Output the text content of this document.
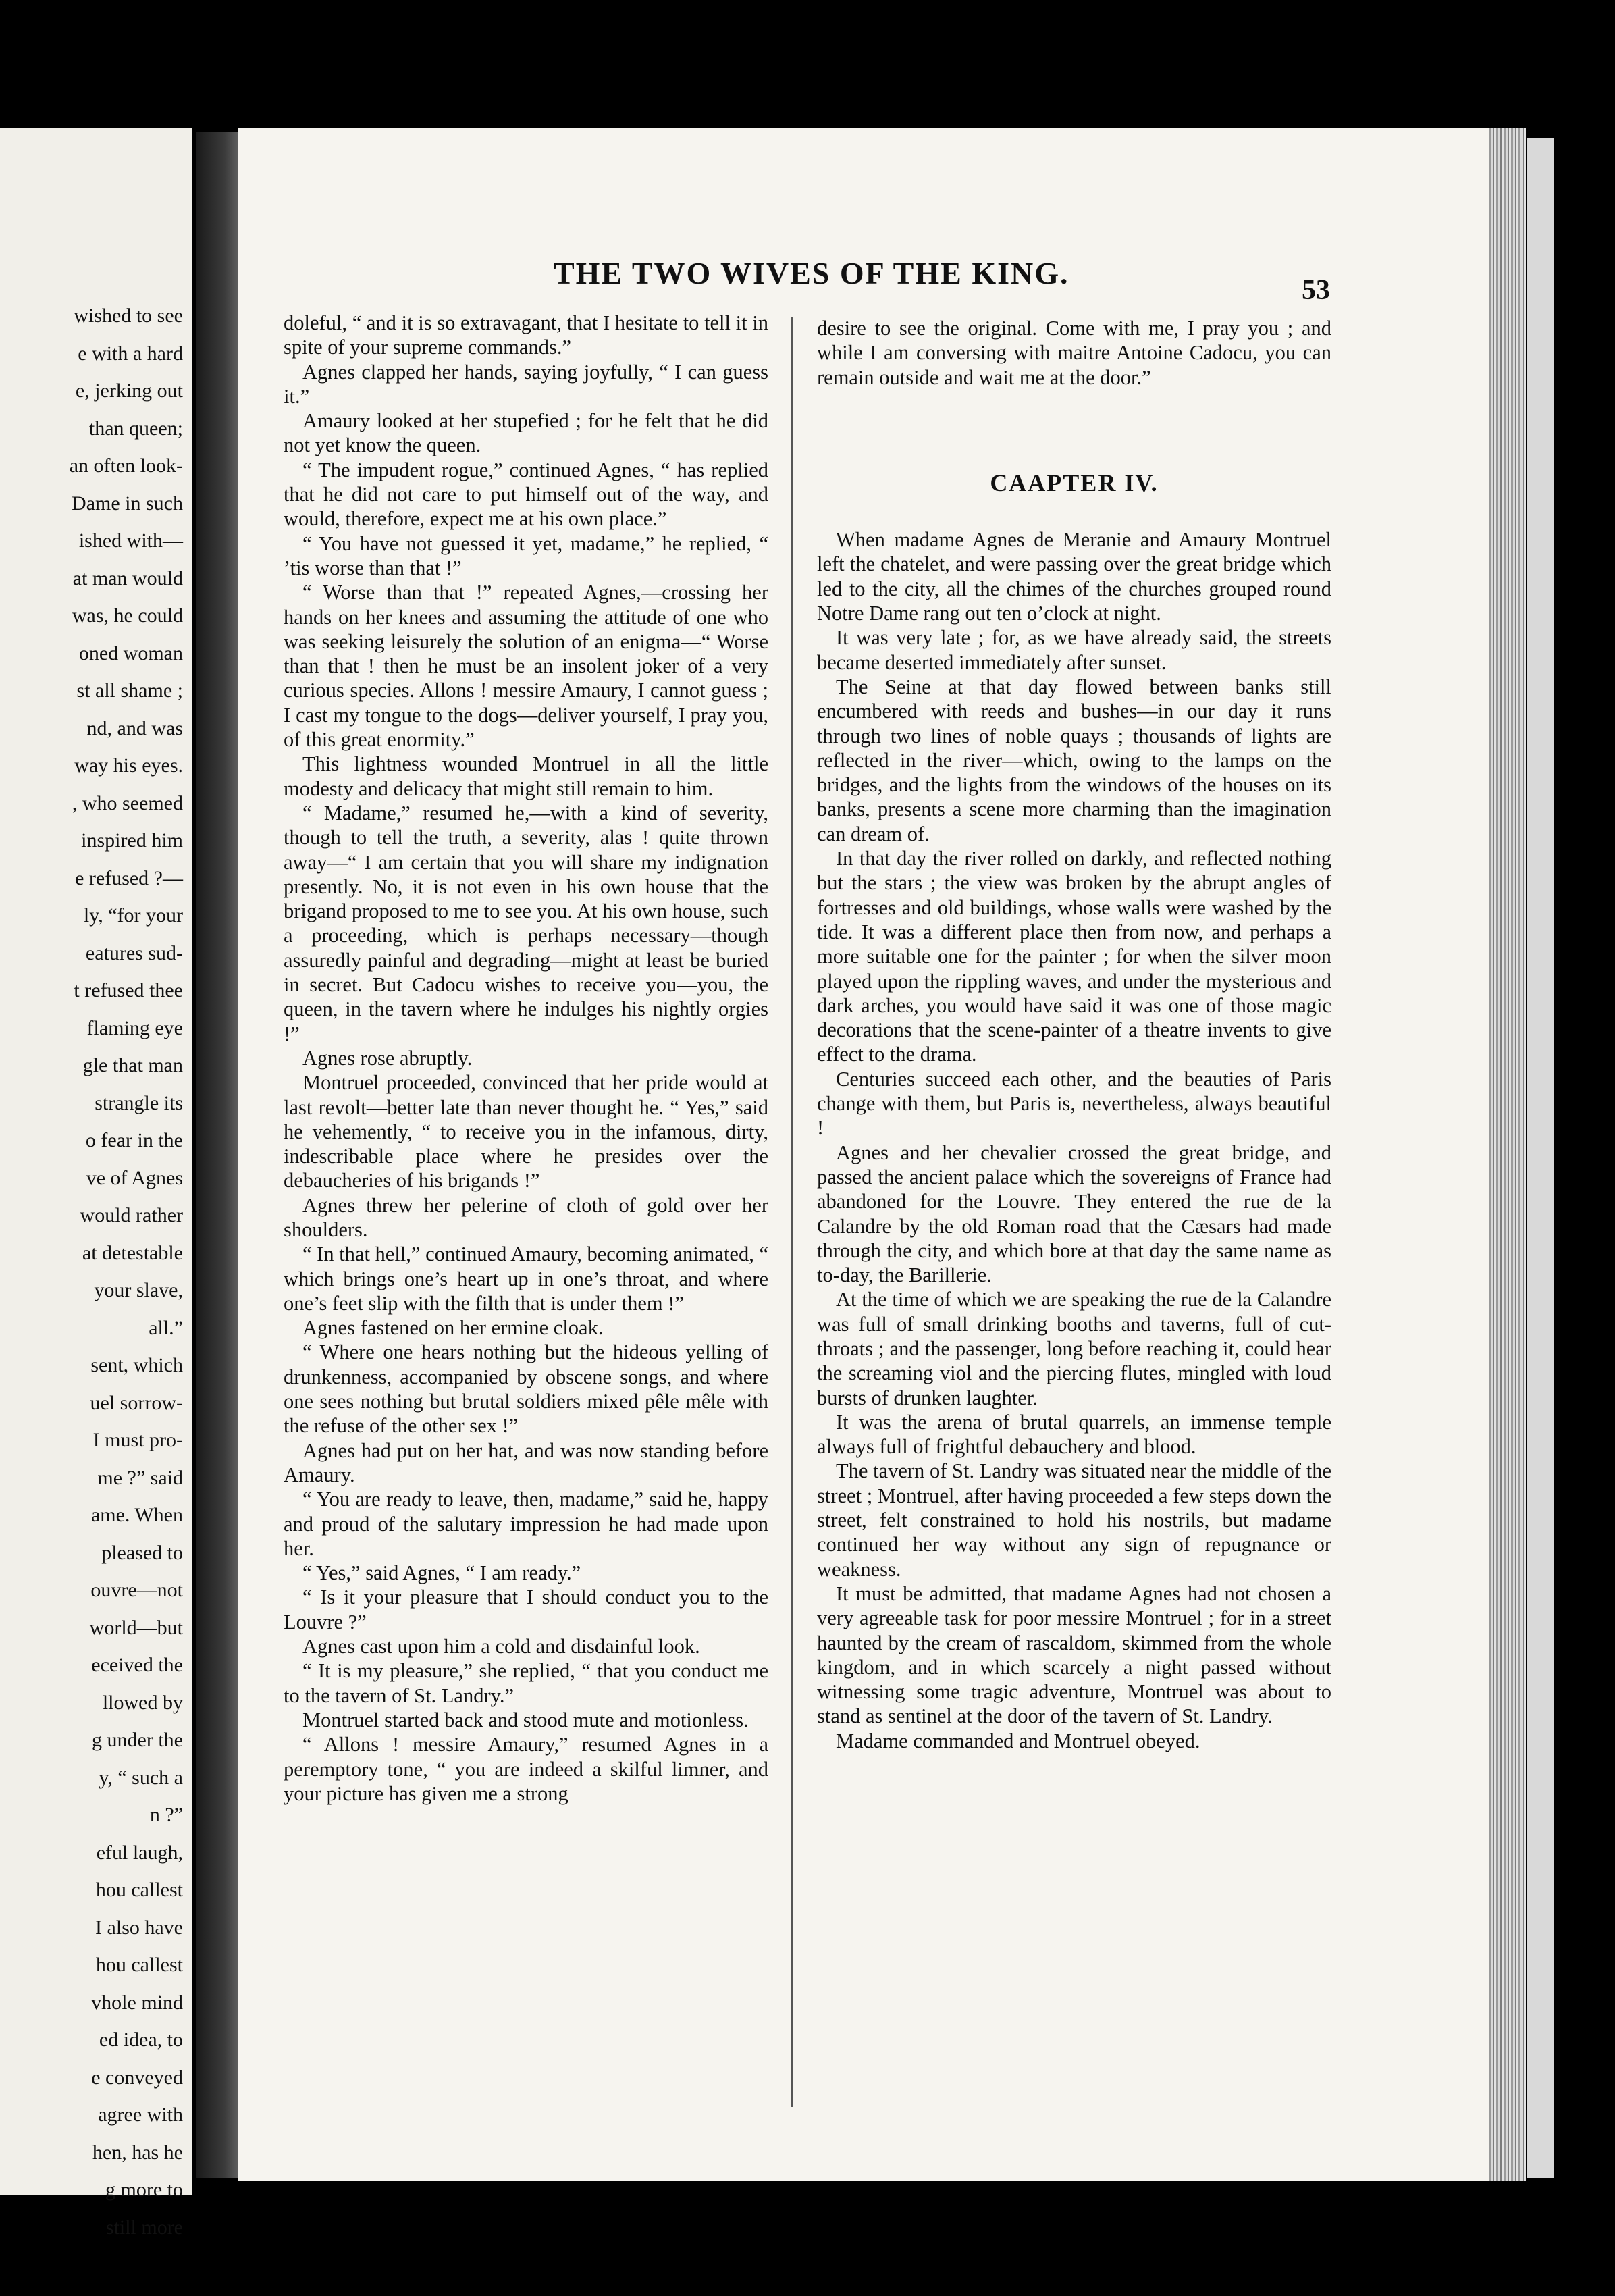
wished to see
e with a hard
e, jerking out
than queen;
an often look-
Dame in such
ished with—
at man would
was, he could
oned woman
st all shame ;
nd, and was
way his eyes.
, who seemed
inspired him
e refused ?—
ly, “for your
eatures sud-
t refused thee
flaming eye
gle that man
strangle its
o fear in the
ve of Agnes
would rather
at detestable
your slave,
all.”
sent, which
uel sorrow-
I must pro-
me ?” said
ame. When
pleased to
ouvre—not
world—but
eceived the
llowed by
g under the
y, “ such a
n ?”
eful laugh,
hou callest
I also have
hou callest
vhole mind
ed idea, to
e conveyed
agree with
hen, has he
g more to
still more
THE TWO WIVES OF THE KING.	53

doleful, “ and it is so extravagant, that I hesitate to tell it in spite of your supreme commands.”

Agnes clapped her hands, saying joyfully, “ I can guess it.”

Amaury looked at her stupefied ; for he felt that he did not yet know the queen.

“ The impudent rogue,” continued Agnes, “ has replied that he did not care to put himself out of the way, and would, therefore, expect me at his own place.”

“ You have not guessed it yet, madame,” he replied, “ ’tis worse than that !”

“ Worse than that !” repeated Agnes,—crossing her hands on her knees and assuming the attitude of one who was seeking leisurely the solution of an enigma—“ Worse than that ! then he must be an insolent joker of a very curious species. Allons ! messire Amaury, I cannot guess ; I cast my tongue to the dogs—deliver yourself, I pray you, of this great enormity.”

This lightness wounded Montruel in all the little modesty and delicacy that might still remain to him.

“ Madame,” resumed he,—with a kind of severity, though to tell the truth, a severity, alas ! quite thrown away—“ I am certain that you will share my indignation presently. No, it is not even in his own house that the brigand proposed to me to see you. At his own house, such a proceeding, which is perhaps necessary—though assuredly painful and degrading—might at least be buried in secret. But Cadocu wishes to receive you—you, the queen, in the tavern where he indulges his nightly orgies !”

Agnes rose abruptly.

Montruel proceeded, convinced that her pride would at last revolt—better late than never thought he. “ Yes,” said he vehemently, “ to receive you in the infamous, dirty, indescribable place where he presides over the debaucheries of his brigands !”

Agnes threw her pelerine of cloth of gold over her shoulders.

“ In that hell,” continued Amaury, becoming animated, “ which brings one’s heart up in one’s throat, and where one’s feet slip with the filth that is under them !”

Agnes fastened on her ermine cloak.

“ Where one hears nothing but the hideous yelling of drunkenness, accompanied by obscene songs, and where one sees nothing but brutal soldiers mixed pêle mêle with the refuse of the other sex !”

Agnes had put on her hat, and was now standing before Amaury.

“ You are ready to leave, then, madame,” said he, happy and proud of the salutary impression he had made upon her.

“ Yes,” said Agnes, “ I am ready.”

“ Is it your pleasure that I should conduct you to the Louvre ?”

Agnes cast upon him a cold and disdainful look.

“ It is my pleasure,” she replied, “ that you conduct me to the tavern of St. Landry.”

Montruel started back and stood mute and motionless.

“ Allons ! messire Amaury,” resumed Agnes in a peremptory tone, “ you are indeed a skilful limner, and your picture has given me a strong

desire to see the original. Come with me, I pray you ; and while I am conversing with maitre Antoine Cadocu, you can remain outside and wait me at the door.”

CAAPTER IV.

When madame Agnes de Meranie and Amaury Montruel left the chatelet, and were passing over the great bridge which led to the city, all the chimes of the churches grouped round Notre Dame rang out ten o’clock at night.

It was very late ; for, as we have already said, the streets became deserted immediately after sunset.

The Seine at that day flowed between banks still encumbered with reeds and bushes—in our day it runs through two lines of noble quays ; thousands of lights are reflected in the river—which, owing to the lamps on the bridges, and the lights from the windows of the houses on its banks, presents a scene more charming than the imagination can dream of.

In that day the river rolled on darkly, and reflected nothing but the stars ; the view was broken by the abrupt angles of fortresses and old buildings, whose walls were washed by the tide. It was a different place then from now, and perhaps a more suitable one for the painter ; for when the silver moon played upon the rippling waves, and under the mysterious and dark arches, you would have said it was one of those magic decorations that the scene-painter of a theatre invents to give effect to the drama.

Centuries succeed each other, and the beauties of Paris change with them, but Paris is, nevertheless, always beautiful !

Agnes and her chevalier crossed the great bridge, and passed the ancient palace which the sovereigns of France had abandoned for the Louvre. They entered the rue de la Calandre by the old Roman road that the Cæsars had made through the city, and which bore at that day the same name as to-day, the Barillerie.

At the time of which we are speaking the rue de la Calandre was full of small drinking booths and taverns, full of cut-throats ; and the passenger, long before reaching it, could hear the screaming viol and the piercing flutes, mingled with loud bursts of drunken laughter.

It was the arena of brutal quarrels, an immense temple always full of frightful debauchery and blood.

The tavern of St. Landry was situated near the middle of the street ; Montruel, after having proceeded a few steps down the street, felt constrained to hold his nostrils, but madame continued her way without any sign of repugnance or weakness.

It must be admitted, that madame Agnes had not chosen a very agreeable task for poor messire Montruel ; for in a street haunted by the cream of rascaldom, skimmed from the whole kingdom, and in which scarcely a night passed without witnessing some tragic adventure, Montruel was about to stand as sentinel at the door of the tavern of St. Landry.

Madame commanded and Montruel obeyed.
